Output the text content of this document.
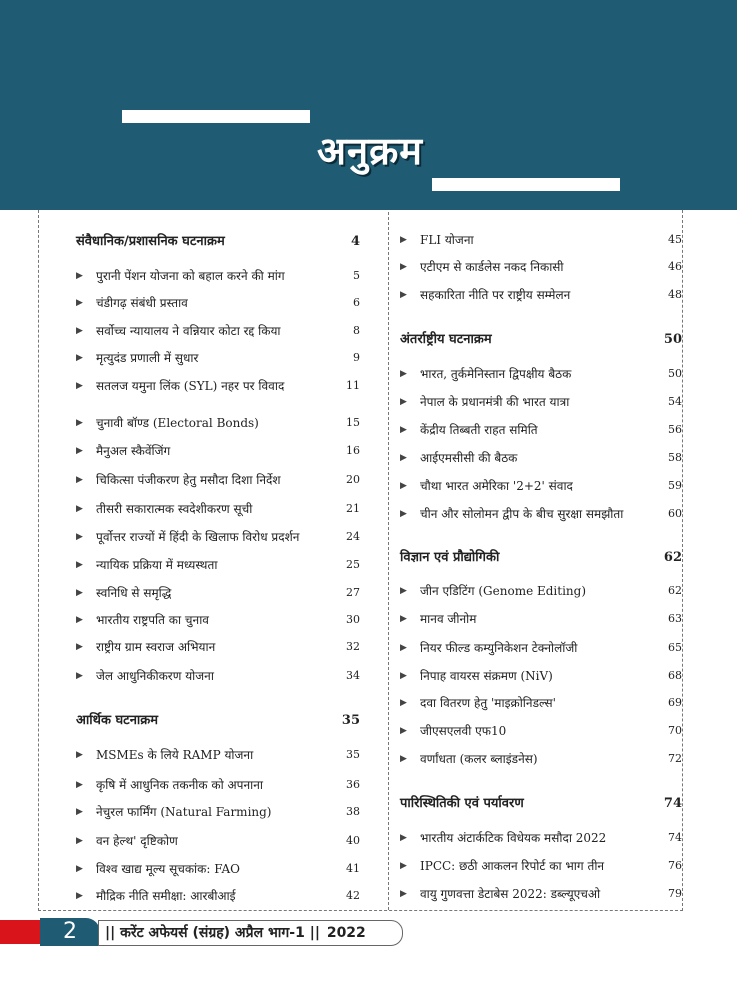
अनुक्रम
संवैधानिक/प्रशासनिक घटनाक्रम	4
▶ पुरानी पेंशन योजना को बहाल करने की मांग	5
▶ चंडीगढ़ संबंधी प्रस्ताव	6
▶ सर्वोच्च न्यायालय ने वन्नियार कोटा रद्द किया	8
▶ मृत्युदंड प्रणाली में सुधार	9
▶ सतलज यमुना लिंक (SYL) नहर पर विवाद	11
▶ चुनावी बॉण्ड (Electoral Bonds)	15
▶ मैनुअल स्कैवेंजिंग	16
▶ चिकित्सा पंजीकरण हेतु मसौदा दिशा निर्देश	20
▶ तीसरी सकारात्मक स्वदेशीकरण सूची	21
▶ पूर्वोत्तर राज्यों में हिंदी के खिलाफ विरोध प्रदर्शन	24
▶ न्यायिक प्रक्रिया में मध्यस्थता	25
▶ स्वनिधि से समृद्धि	27
▶ भारतीय राष्ट्रपति का चुनाव	30
▶ राष्ट्रीय ग्राम स्वराज अभियान	32
▶ जेल आधुनिकीकरण योजना	34
आर्थिक घटनाक्रम	35
▶ MSMEs के लिये RAMP योजना	35
▶ कृषि में आधुनिक तकनीक को अपनाना	36
▶ नेचुरल फार्मिंग (Natural Farming)	38
▶ वन हेल्थ' दृष्टिकोण	40
▶ विश्व खाद्य मूल्य सूचकांक: FAO	41
▶ मौद्रिक नीति समीक्षा: आरबीआई	42
▶ FLI योजना	45
▶ एटीएम से कार्डलेस नकद निकासी	46
▶ सहकारिता नीति पर राष्ट्रीय सम्मेलन	48
अंतर्राष्ट्रीय घटनाक्रम	50
▶ भारत, तुर्कमेनिस्तान द्विपक्षीय बैठक	50
▶ नेपाल के प्रधानमंत्री की भारत यात्रा	54
▶ केंद्रीय तिब्बती राहत समिति	56
▶ आईएमसीसी की बैठक	58
▶ चौथा भारत अमेरिका '2+2' संवाद	59
▶ चीन और सोलोमन द्वीप के बीच सुरक्षा समझौता	60
विज्ञान एवं प्रौद्योगिकी	62
▶ जीन एडिटिंग (Genome Editing)	62
▶ मानव जीनोम	63
▶ नियर फील्ड कम्युनिकेशन टेक्नोलॉजी	65
▶ निपाह वायरस संक्रमण (NiV)	68
▶ दवा वितरण हेतु 'माइक्रोनिडल्स'	69
▶ जीएसएलवी एफ10	70
▶ वर्णांधता (कलर ब्लाइंडनेस)	72
पारिस्थितिकी एवं पर्यावरण	74
▶ भारतीय अंटार्कटिक विधेयक मसौदा 2022	74
▶ IPCC: छठी आकलन रिपोर्ट का भाग तीन	76
▶ वायु गुणवत्ता डेटाबेस 2022: डब्ल्यूएचओ	79
2	|| करेंट अफेयर्स (संग्रह) अप्रैल भाग-1 || 2022
